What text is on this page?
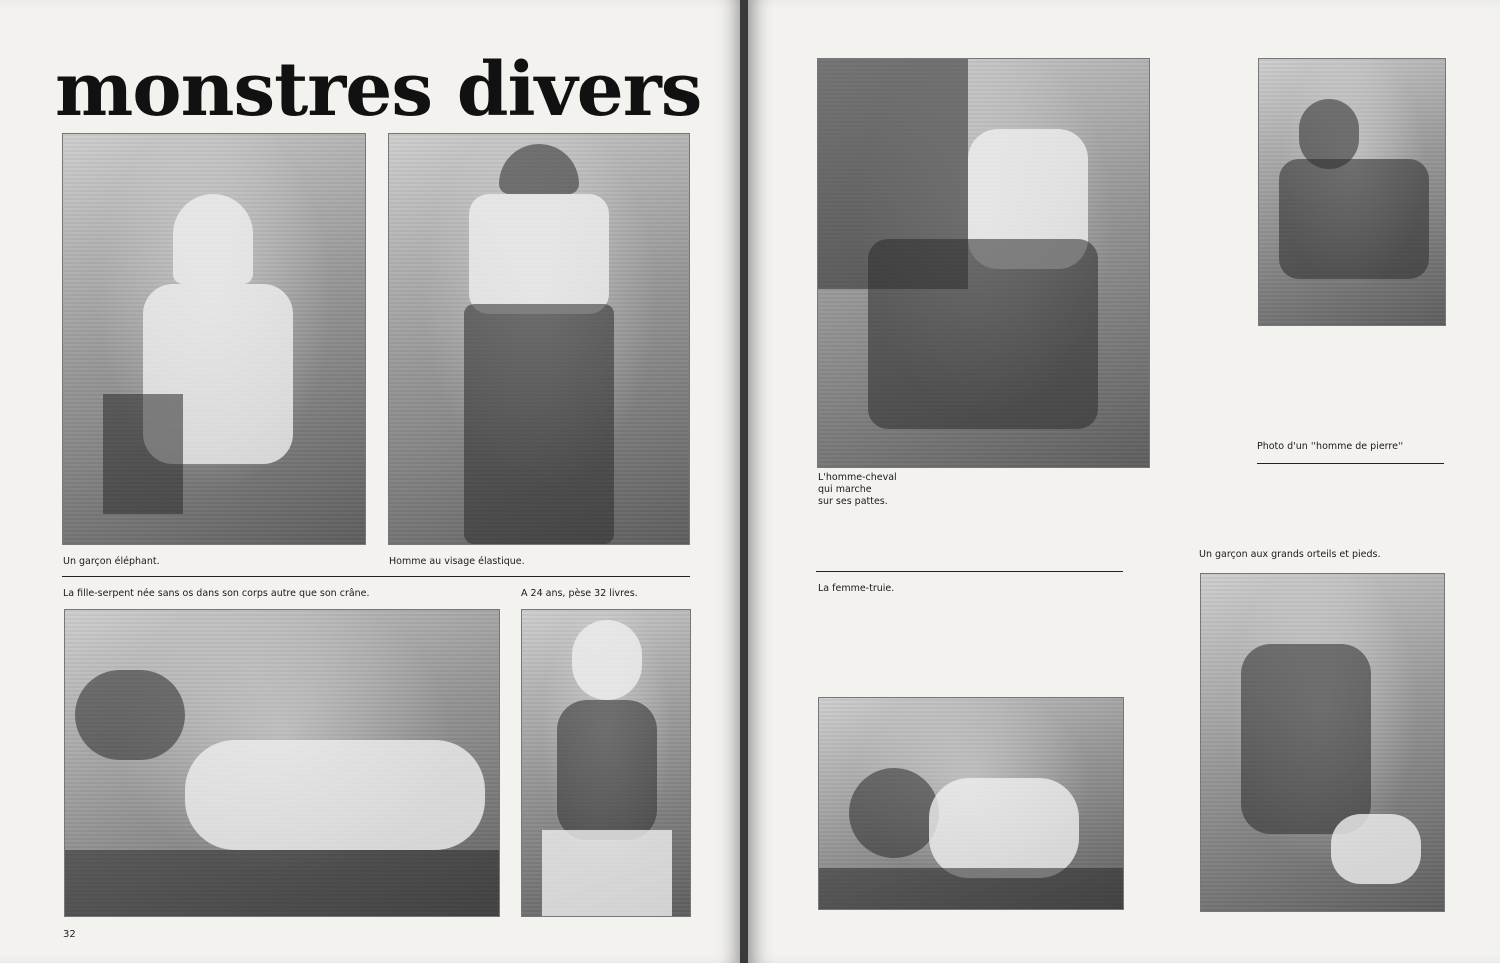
monstres divers
Un garçon éléphant.	Homme au visage élastique.
La fille-serpent née sans os dans son corps autre que son crâne.	A 24 ans, pèse 32 livres.
32
L'homme-cheval
qui marche
sur ses pattes.
Photo d'un ''homme de pierre''
La femme-truie.
Un garçon aux grands orteils et pieds.
